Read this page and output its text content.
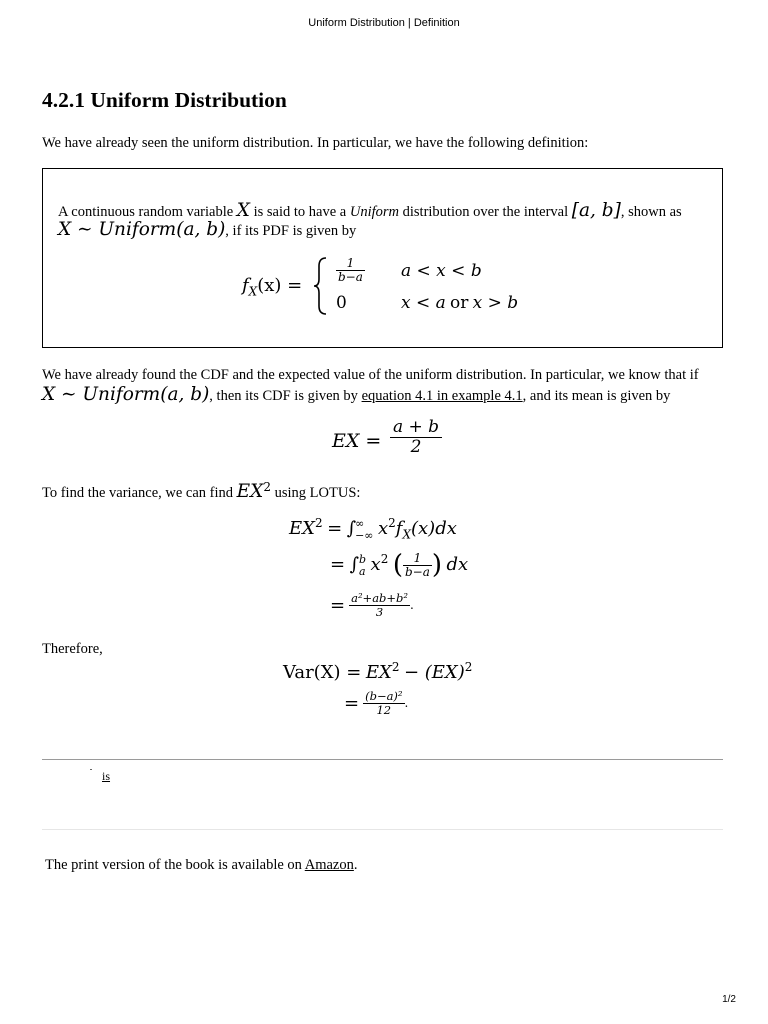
Uniform Distribution | Definition
4.2.1 Uniform Distribution
We have already seen the uniform distribution. In particular, we have the following definition:
A continuous random variable X is said to have a Uniform distribution over the interval [a, b], shown as
X ∼ Uniform(a, b), if its PDF is given by
$f_X(x)$ =
$\frac{1}{b-a}$ a < x < b
0	x < a or x > b
We have already found the CDF and the expected value of the uniform distribution. In particular, we know that if
X ∼ Uniform(a, b), then its CDF is given by equation 4.1 in example 4.1, and its mean is given by
EX = $\frac{a + b}{2}$
To find the variance, we can find $EX^2$ using LOTUS:
$EX^2$ = ∫ ∞
−∞ $x^2f_X(x)dx$
= ∫ b
a $x^2$ ( $\frac{1}{b-a}$ ) dx
= $\frac{\text{a²+ab+b²}}{3}$ .
Therefore,
$Var(X) = EX^2 - (EX)^2$
= $\frac{\text{(b−a)²}}{12}$ .
is
The print version of the book is available on Amazon.
1/2
